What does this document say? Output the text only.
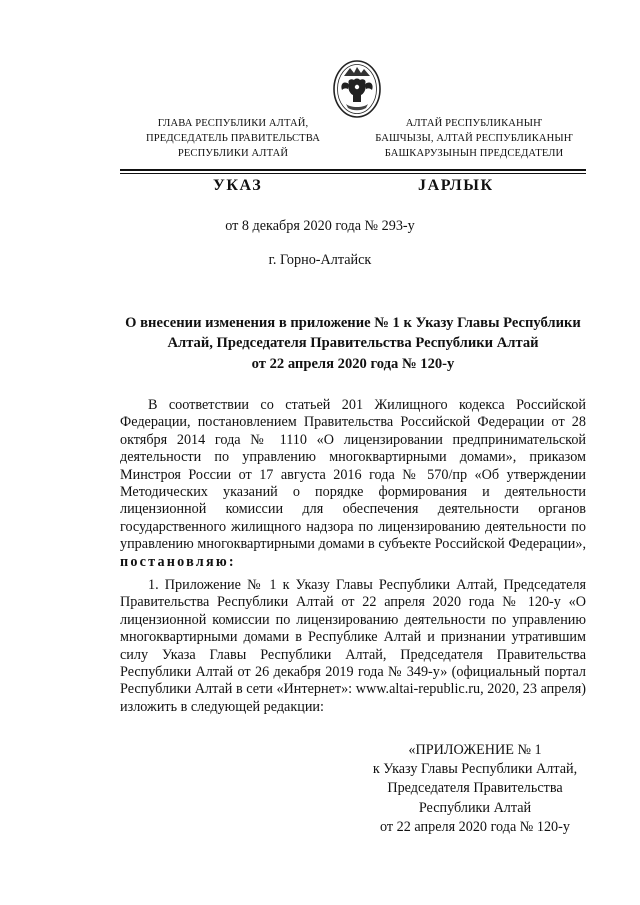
ГЛАВА РЕСПУБЛИКИ АЛТАЙ,
ПРЕДСЕДАТЕЛЬ ПРАВИТЕЛЬСТВА
РЕСПУБЛИКИ АЛТАЙ
АЛТАЙ РЕСПУБЛИКАНЫҤ
БАШЧЫЗЫ, АЛТАЙ РЕСПУБЛИКАНЫҤ
БАШКАРУЗЫНЫН ПРЕДСЕДАТЕЛИ
УКАЗ	JАРЛЫК
от 8 декабря 2020 года № 293-у
г. Горно-Алтайск
О внесении изменения в приложение № 1 к Указу Главы Республики
Алтай, Председателя Правительства Республики Алтай
от 22 апреля 2020 года № 120-у
В соответствии со статьей 201 Жилищного кодекса Российской Федерации, постановлением Правительства Российской Федерации от 28 октября 2014 года № 1110 «О лицензировании предпринимательской деятельности по управлению многоквартирными домами», приказом Минстроя России от 17 августа 2016 года № 570/пр «Об утверждении Методических указаний о порядке формирования и деятельности лицензионной комиссии для обеспечения деятельности органов государственного жилищного надзора по лицензированию деятельности по управлению многоквартирными домами в субъекте Российской Федерации», постановляю:
1. Приложение № 1 к Указу Главы Республики Алтай, Председателя Правительства Республики Алтай от 22 апреля 2020 года № 120-у «О лицензионной комиссии по лицензированию деятельности по управлению многоквартирными домами в Республике Алтай и признании утратившим силу Указа Главы Республики Алтай, Председателя Правительства Республики Алтай от 26 декабря 2019 года № 349-у» (официальный портал Республики Алтай в сети «Интернет»: www.altai-republic.ru, 2020, 23 апреля) изложить в следующей редакции:
«ПРИЛОЖЕНИЕ № 1
к Указу Главы Республики Алтай,
Председателя Правительства
Республики Алтай
от 22 апреля 2020 года № 120-у
